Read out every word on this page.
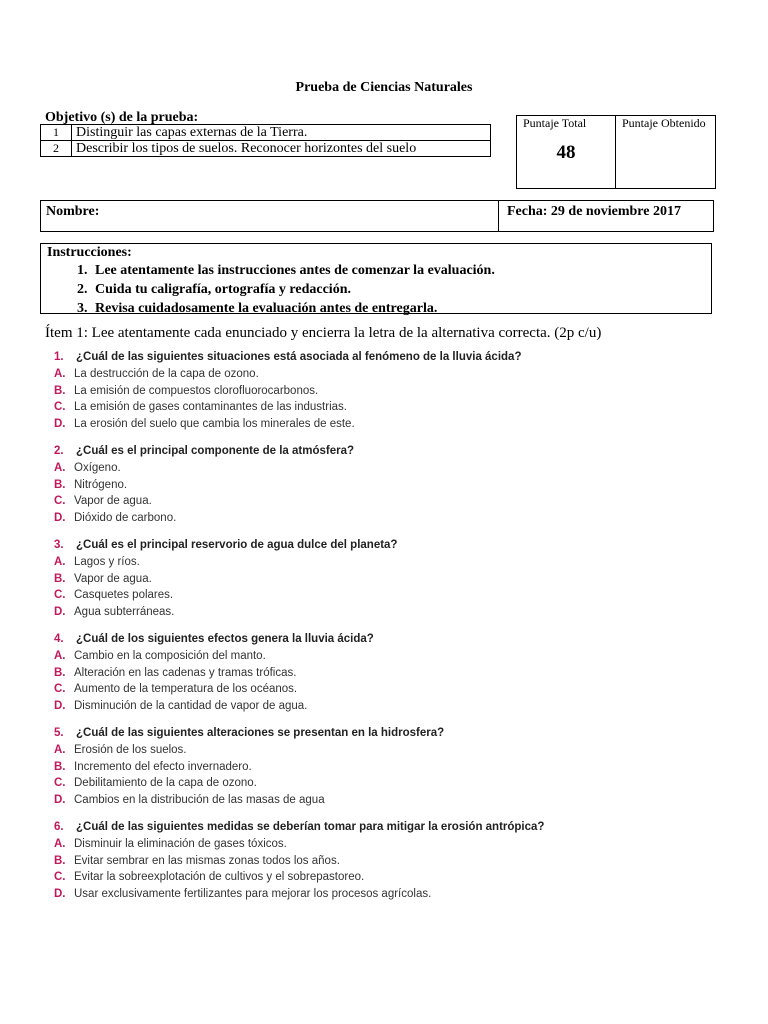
Prueba de Ciencias Naturales
Objetivo (s) de la prueba:
1	Distinguir las capas externas de la Tierra.
2	Describir los tipos de suelos. Reconocer horizontes del suelo
Puntaje Total
48
Puntaje Obtenido
Nombre:	Fecha: 29 de noviembre 2017
Instrucciones:
1. Lee atentamente las instrucciones antes de comenzar la evaluación.
2. Cuida tu caligrafía, ortografía y redacción.
3. Revisa cuidadosamente la evaluación antes de entregarla.
Ítem 1: Lee atentamente cada enunciado y encierra la letra de la alternativa correcta. (2p c/u)
1. ¿Cuál de las siguientes situaciones está asociada al fenómeno de la lluvia ácida?
A. La destrucción de la capa de ozono.
B. La emisión de compuestos clorofluorocarbonos.
C. La emisión de gases contaminantes de las industrias.
D. La erosión del suelo que cambia los minerales de este.
2. ¿Cuál es el principal componente de la atmósfera?
A. Oxígeno.
B. Nitrógeno.
C. Vapor de agua.
D. Dióxido de carbono.
3. ¿Cuál es el principal reservorio de agua dulce del planeta?
A. Lagos y ríos.
B. Vapor de agua.
C. Casquetes polares.
D. Agua subterráneas.
4. ¿Cuál de los siguientes efectos genera la lluvia ácida?
A. Cambio en la composición del manto.
B. Alteración en las cadenas y tramas tróficas.
C. Aumento de la temperatura de los océanos.
D. Disminución de la cantidad de vapor de agua.
5. ¿Cuál de las siguientes alteraciones se presentan en la hidrosfera?
A. Erosión de los suelos.
B. Incremento del efecto invernadero.
C. Debilitamiento de la capa de ozono.
D. Cambios en la distribución de las masas de agua
6. ¿Cuál de las siguientes medidas se deberían tomar para mitigar la erosión antrópica?
A. Disminuir la eliminación de gases tóxicos.
B. Evitar sembrar en las mismas zonas todos los años.
C. Evitar la sobreexplotación de cultivos y el sobrepastoreo.
D. Usar exclusivamente fertilizantes para mejorar los procesos agrícolas.
